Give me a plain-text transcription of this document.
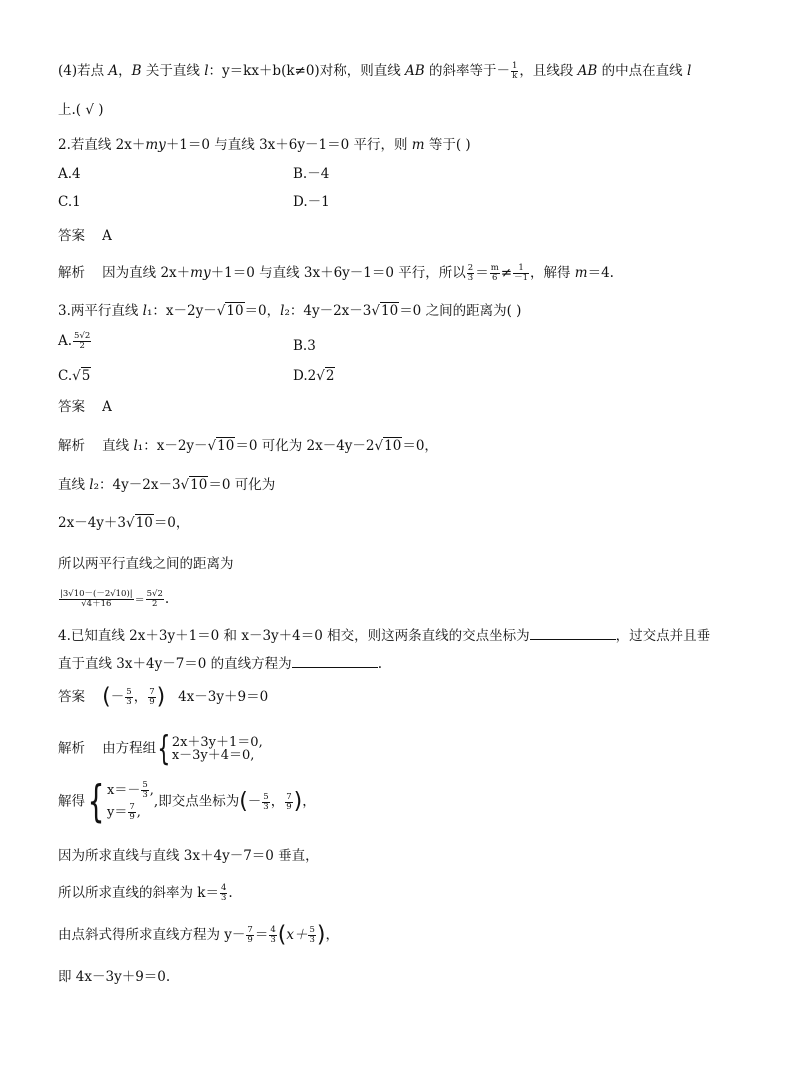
(4)若点 A，B 关于直线 l：y＝kx＋b(k≠0)对称，则直线 AB 的斜率等于－ $\frac{1}{k}$ ，且线段 AB 的中点在直线 l
上.( √ )
2.若直线 2x＋my＋1＝0 与直线 3x＋6y－1＝0 平行，则 m 等于( )
A.4	B.－4
C.1	D.－1
答案 A
解析 因为直线 2x＋my＋1＝0 与直线 3x＋6y－1＝0 平行，所以 $\frac{2}{3} = \frac{m}{6} \ne \frac{1}{-1}$ ，解得 m＝4.
3.两平行直线 l₁：x－2y－√10＝0，l₂：4y－2x－3√10＝0 之间的距离为( )
A. $\frac{5√2}{2}$	B.3
C.√5	D.2√2
答案 A
解析 直线 l₁：x－2y－√10＝0 可化为 2x－4y－2√10＝0，
直线 l₂：4y－2x－3√10＝0 可化为
2x－4y＋3√10＝0，
所以两平行直线之间的距离为
$\frac{|3√10-(-2√10)|}{√4+16} = \frac{5√2}{2}$ .
4.已知直线 2x＋3y＋1＝0 和 x－3y＋4＝0 相交，则这两条直线的交点坐标为	，过交点并且垂
直于直线 3x＋4y－7＝0 的直线方程为	.
答案 (－ $\frac{5}{3}$ ， $\frac{7}{9}$ ) 4x－3y＋9＝0
解析 由方程组{ 2x＋3y＋1＝0,
x－3y＋4＝0,
解得{ $x=- \frac{5}{3}$ ,
$y= \frac{7}{9}$ ,
,即交点坐标为(－ $\frac{5}{3}$ ， $\frac{7}{9}$ )，
因为所求直线与直线 3x＋4y－7＝0 垂直，
所以所求直线的斜率为 $k= \frac{4}{3}$ .
由点斜式得所求直线方程为 $y- \frac{7}{9} = \frac{4}{3} (x+ \frac{5}{3}$ )，
即 4x－3y＋9＝0.
